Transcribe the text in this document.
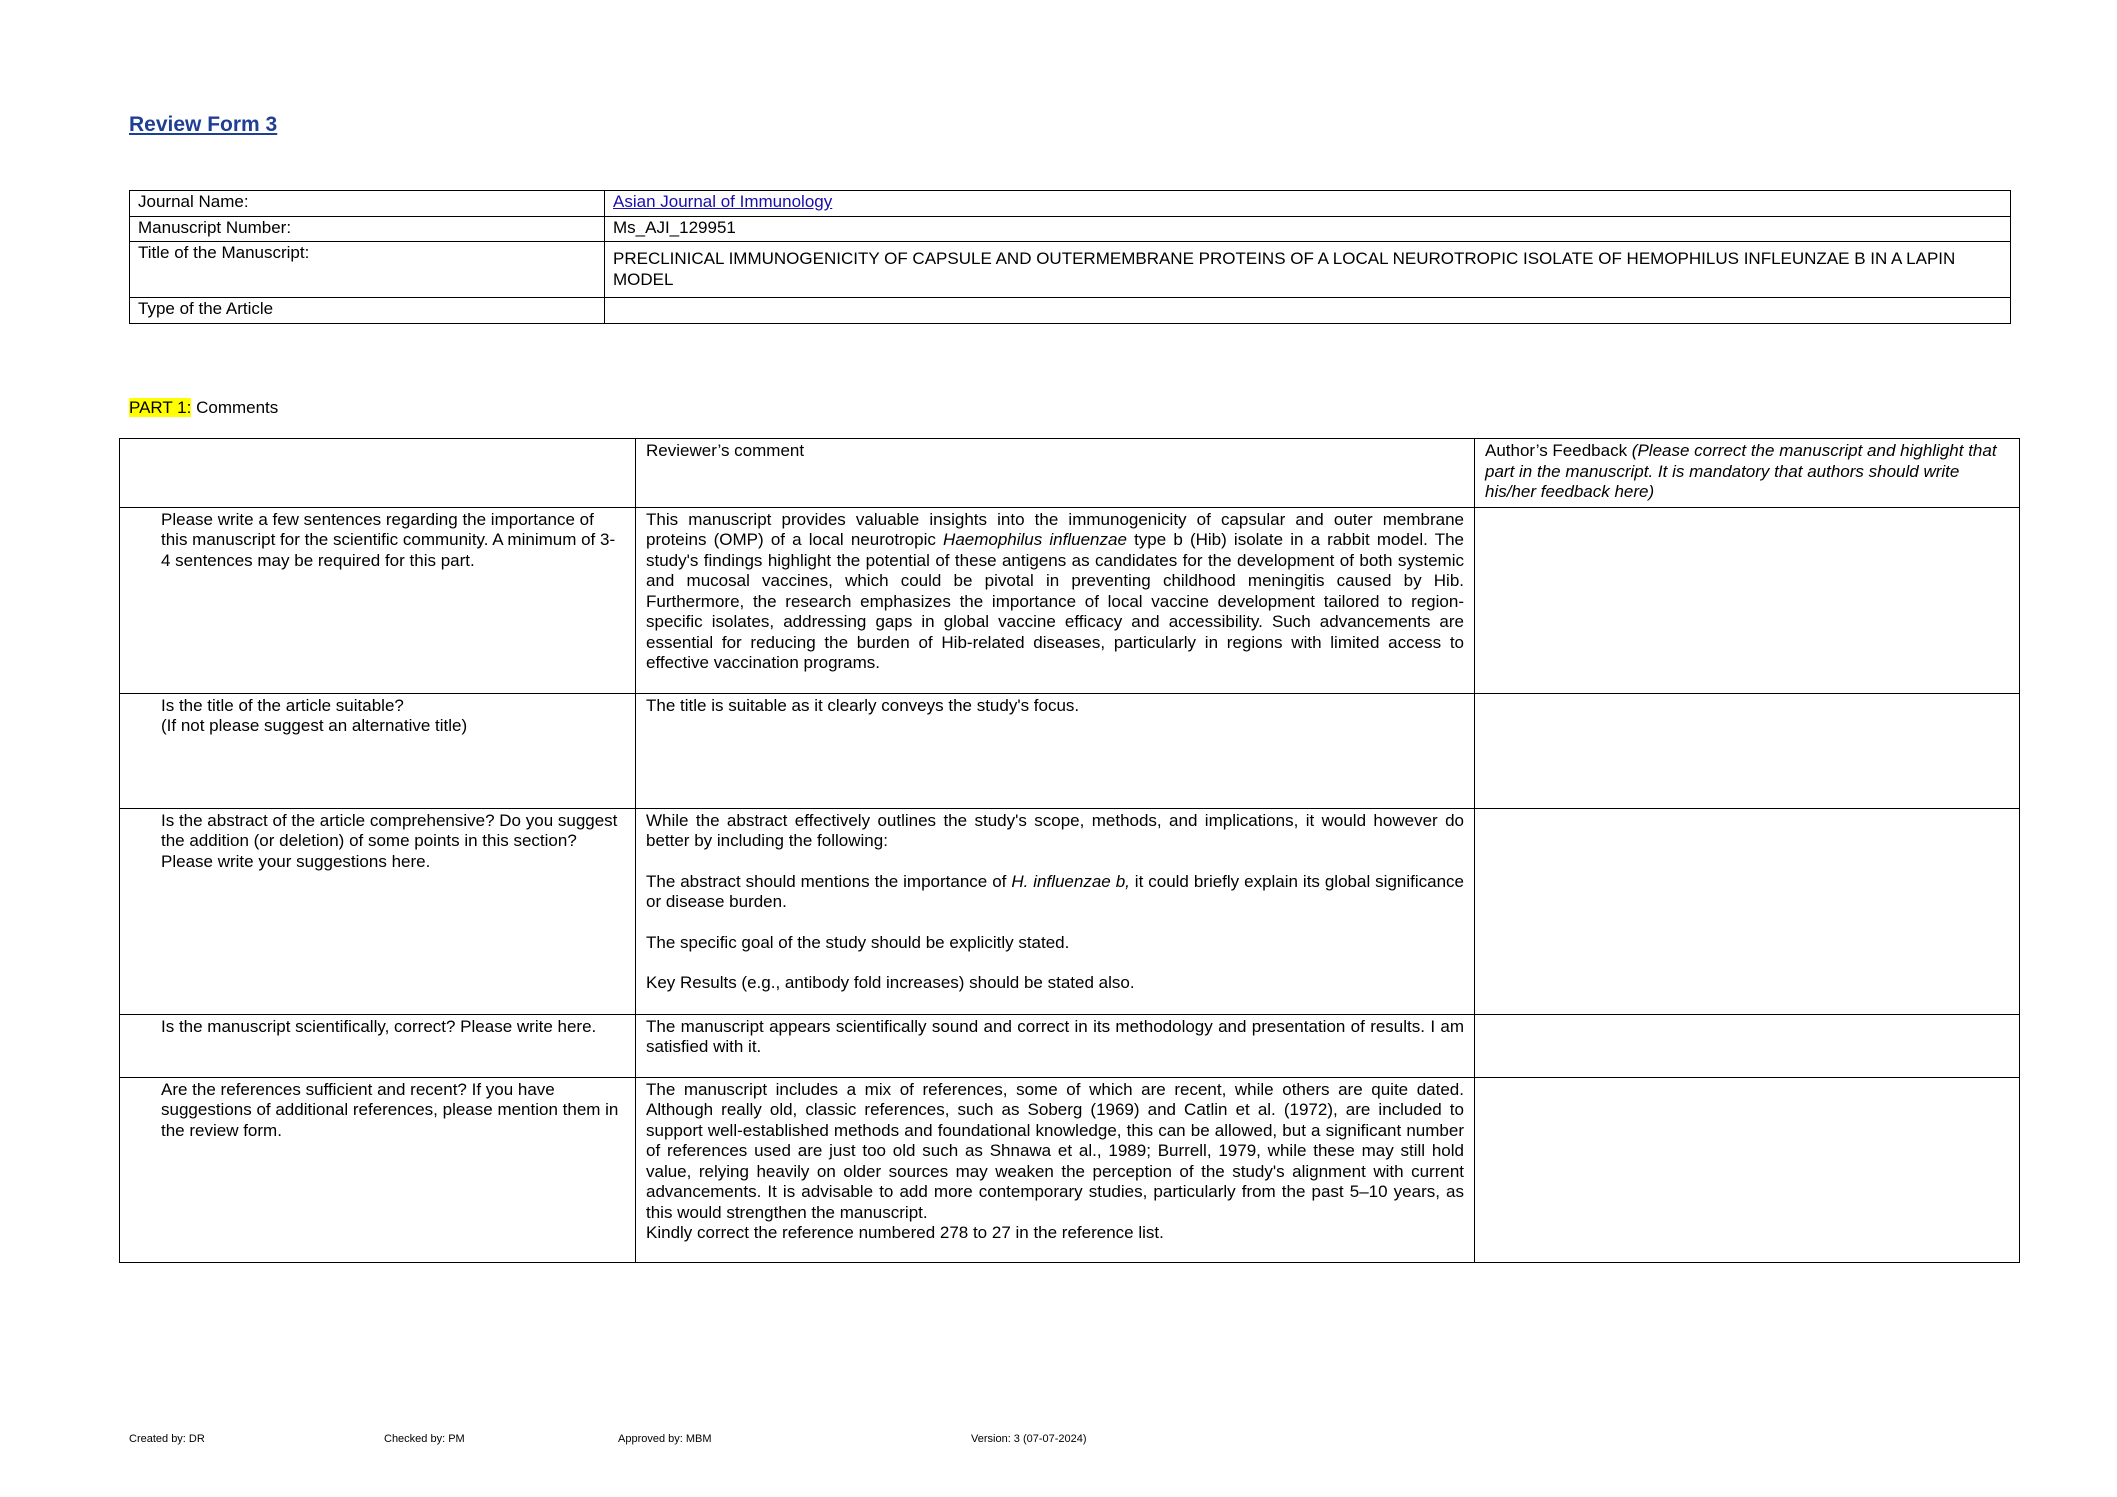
Review Form 3
Journal Name:	Asian Journal of Immunology
Manuscript Number:	Ms_AJI_129951
Title of the Manuscript:	PRECLINICAL IMMUNOGENICITY OF CAPSULE AND OUTERMEMBRANE PROTEINS OF A LOCAL NEUROTROPIC ISOLATE OF HEMOPHILUS INFLEUNZAE B IN A LAPIN MODEL
Type of the Article	
PART 1: Comments
	Reviewer’s comment	Author’s Feedback (Please correct the manuscript and highlight that part in the manuscript. It is mandatory that authors should write his/her feedback here)
Please write a few sentences regarding the importance of this manuscript for the scientific community. A minimum of 3-4 sentences may be required for this part.	This manuscript provides valuable insights into the immunogenicity of capsular and outer membrane proteins (OMP) of a local neurotropic Haemophilus influenzae type b (Hib) isolate in a rabbit model. The study's findings highlight the potential of these antigens as candidates for the development of both systemic and mucosal vaccines, which could be pivotal in preventing childhood meningitis caused by Hib. Furthermore, the research emphasizes the importance of local vaccine development tailored to region-specific isolates, addressing gaps in global vaccine efficacy and accessibility. Such advancements are essential for reducing the burden of Hib-related diseases, particularly in regions with limited access to effective vaccination programs.	

Is the title of the article suitable?
(If not please suggest an alternative title)	The title is suitable as it clearly conveys the study's focus.	
Is the abstract of the article comprehensive? Do you suggest the addition (or deletion) of some points in this section? Please write your suggestions here.	While the abstract effectively outlines the study's scope, methods, and implications, it would however do better by including the following:

The abstract should mentions the importance of H. influenzae b, it could briefly explain its global significance or disease burden.

The specific goal of the study should be explicitly stated.

Key Results (e.g., antibody fold increases) should be stated also.	

Is the manuscript scientifically, correct? Please write here.	The manuscript appears scientifically sound and correct in its methodology and presentation of results. I am satisfied with it.	
Are the references sufficient and recent? If you have suggestions of additional references, please mention them in the review form.	The manuscript includes a mix of references, some of which are recent, while others are quite dated. Although really old, classic references, such as Soberg (1969) and Catlin et al. (1972), are included to support well-established methods and foundational knowledge, this can be allowed, but a significant number of references used are just too old such as Shnawa et al., 1989; Burrell, 1979, while these may still hold value, relying heavily on older sources may weaken the perception of the study's alignment with current advancements. It is advisable to add more contemporary studies, particularly from the past 5–10 years, as this would strengthen the manuscript.
Kindly correct the reference numbered 278 to 27 in the reference list.	

Created by: DR	Checked by: PM	Approved by: MBM	Version: 3 (07-07-2024)
